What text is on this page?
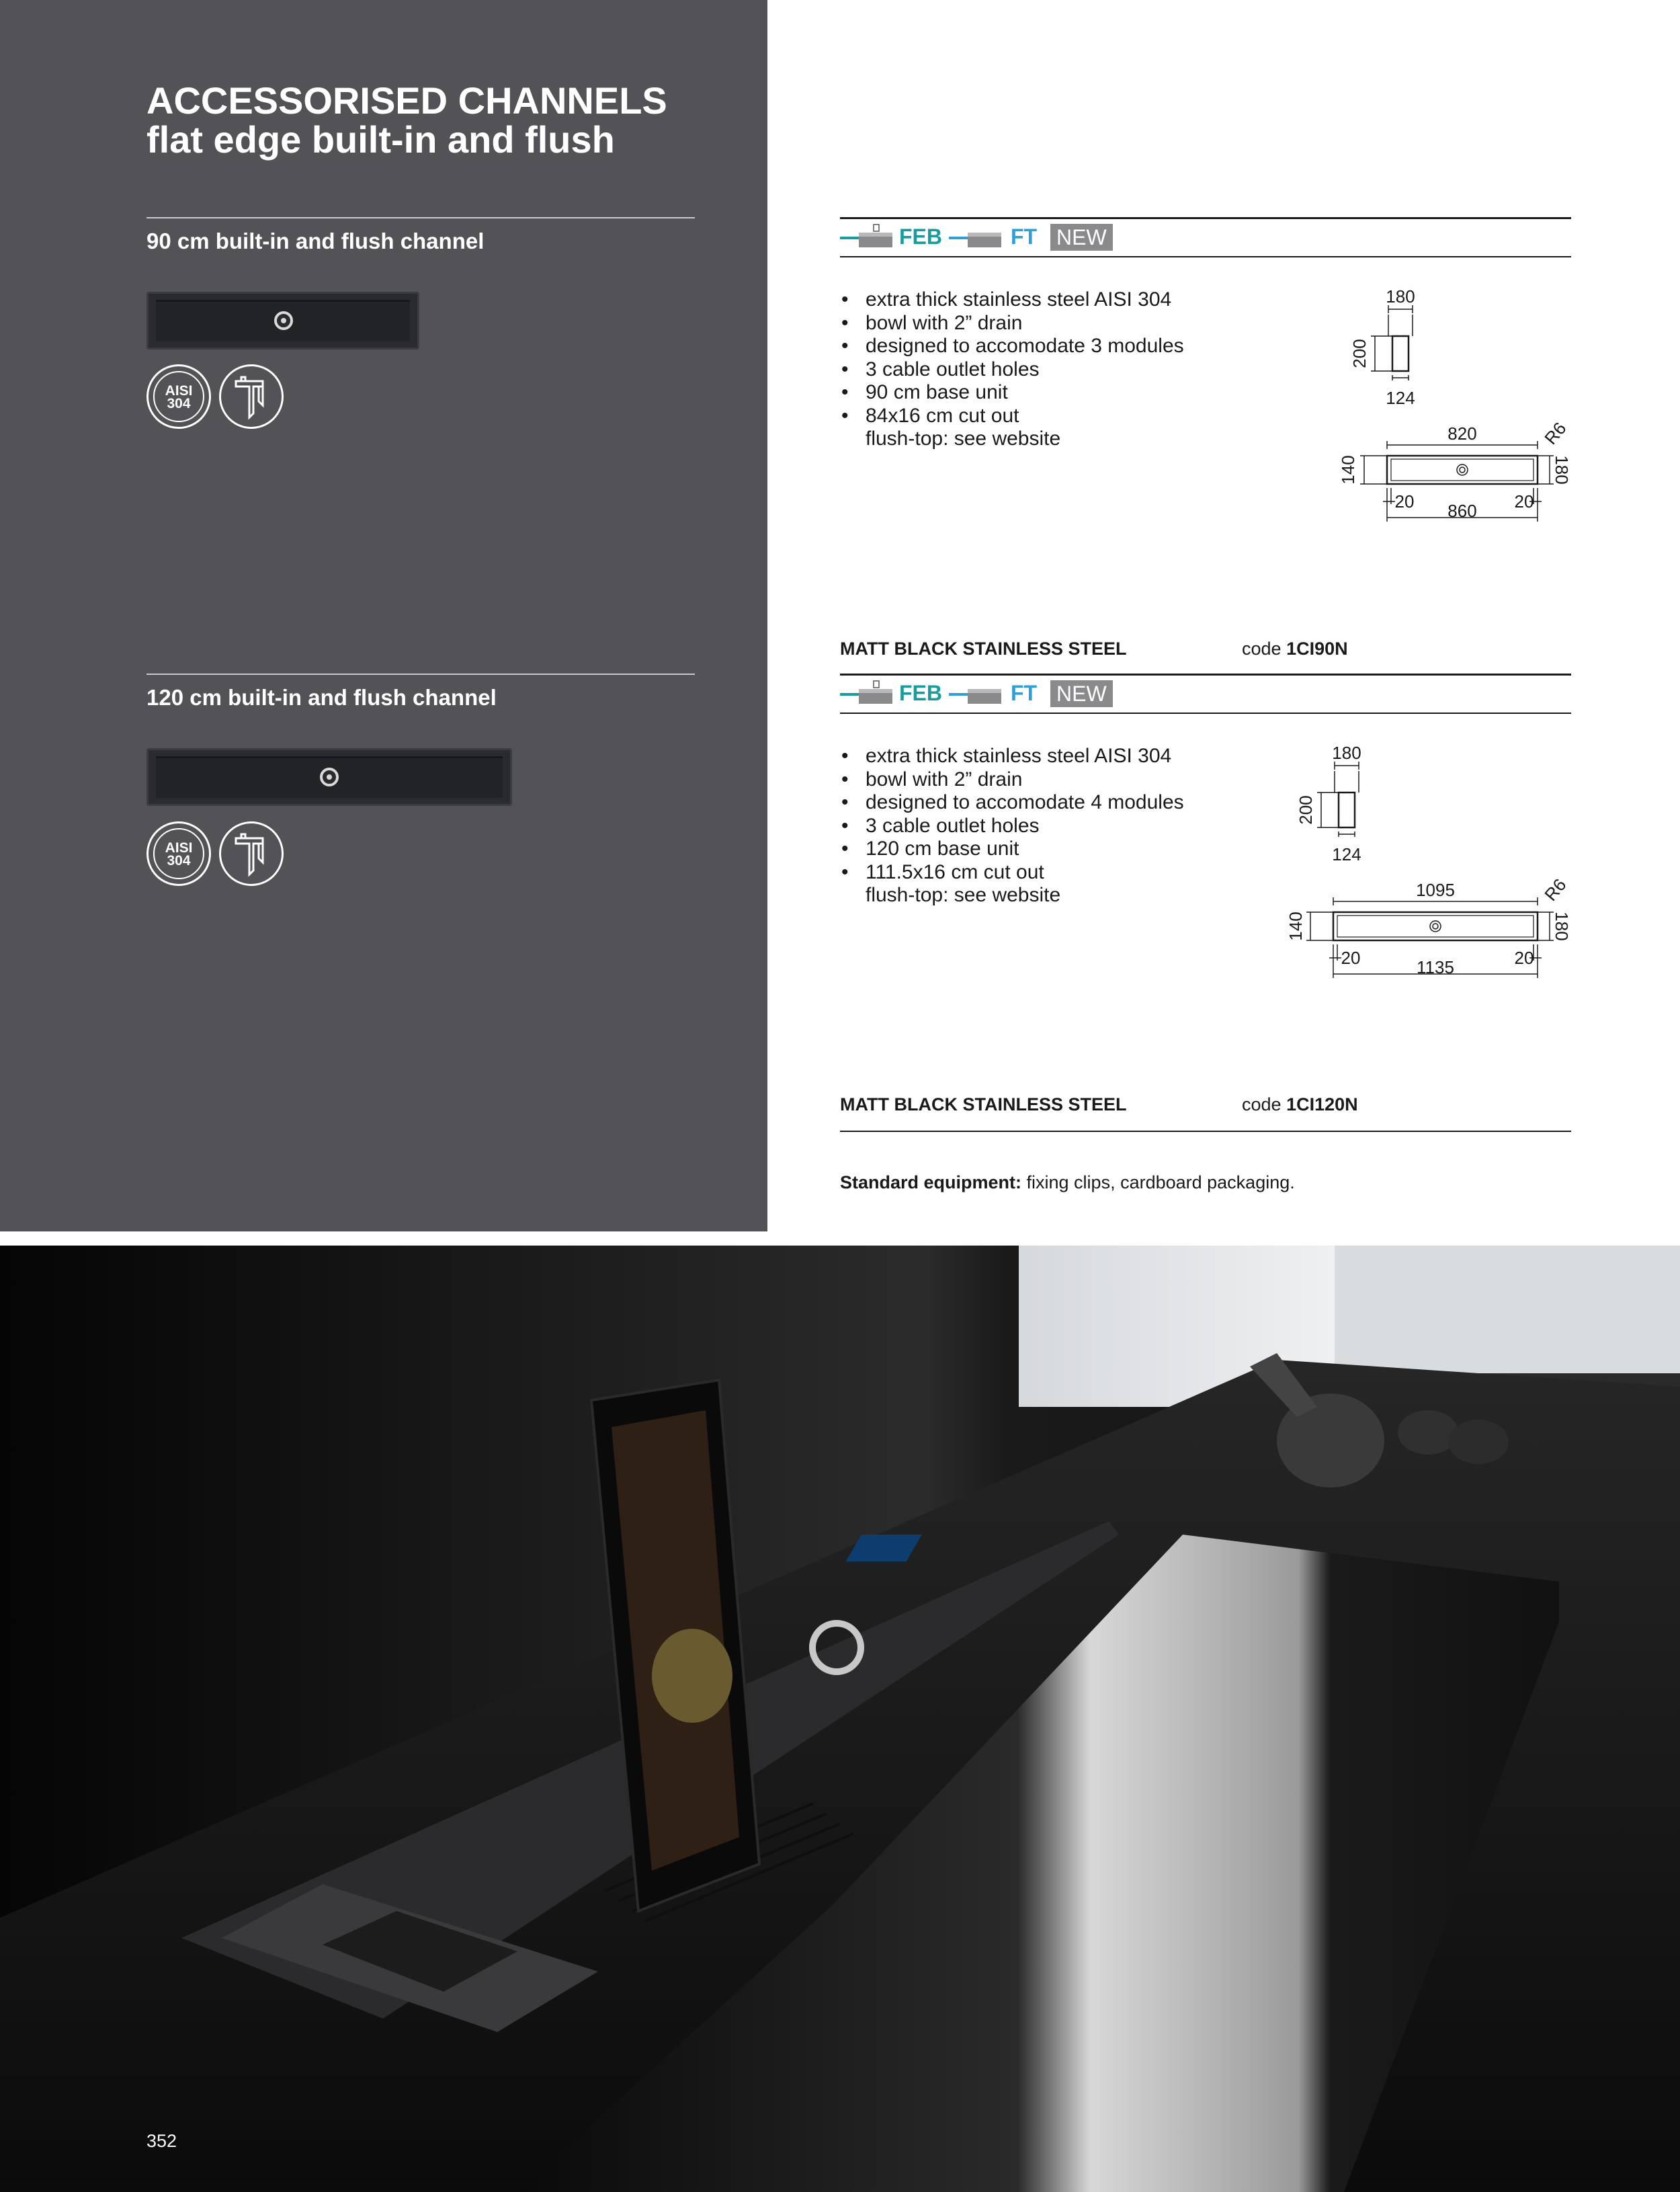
ACCESSORISED CHANNELS
flat edge built-in and flush
90 cm built-in and flush channel
AISI
304
120 cm built-in and flush channel
AISI
304
FEB	FT NEW
• extra thick stainless steel AISI 304
• bowl with 2” drain
• designed to accomodate 3 modules
• 3 cable outlet holes
• 90 cm base unit
• 84x16 cm cut out
flush-top: see website
180
200
124
820	R6
140	180
20 860 20
MATT BLACK STAINLESS STEEL	code 1CI90N
FEB	FT NEW
• extra thick stainless steel AISI 304
• bowl with 2” drain
• designed to accomodate 4 modules
• 3 cable outlet holes
• 120 cm base unit
• 111.5x16 cm cut out
flush-top: see website
180
200
124
1095	R6
140	180
20	1135	20
MATT BLACK STAINLESS STEEL	code 1CI120N
Standard equipment: fixing clips, cardboard packaging.
352
